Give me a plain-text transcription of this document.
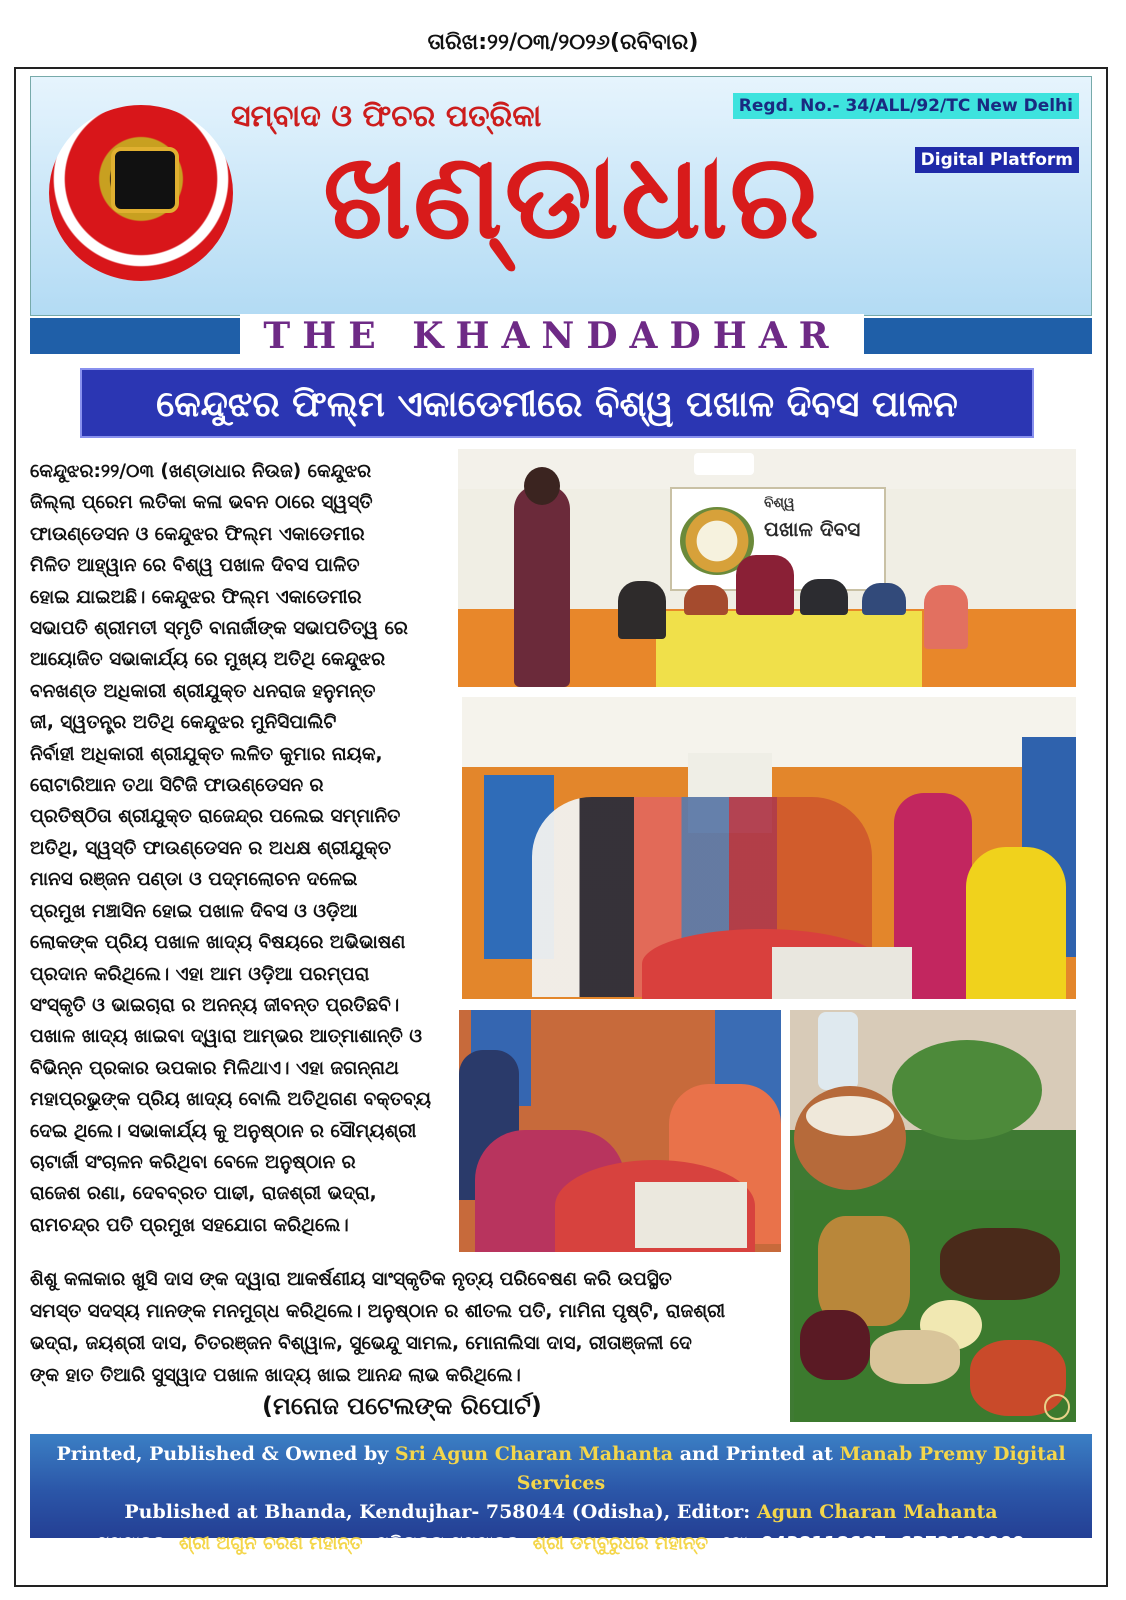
ତାରିଖ:୨୨/୦୩/୨୦୨୬(ରବିବାର)
ସମ୍ବାଦ ଓ ଫିଚର ପତ୍ରିକା
ଖଣ୍ଡାଧାର
Regd. No.- 34/ALL/92/TC New Delhi
Digital Platform
THE KHANDADHAR
କେନ୍ଦୁଝର ଫିଲ୍ମ ଏକାଡେମୀରେ ବିଶ୍ୱ ପଖାଳ ଦିବସ ପାଳନ
କେନ୍ଦୁଝର:୨୨/୦୩ (ଖଣ୍ଡାଧାର ନିଉଜ) କେନ୍ଦୁଝର
ଜିଲ୍ଲା ପ୍ରେମ ଲତିକା କଳା ଭବନ ଠାରେ ସ୍ୱସ୍ତି
ଫାଉଣ୍ଡେସନ ଓ କେନ୍ଦୁଝର ଫିଲ୍ମ ଏକାଡେମୀର
ମିଳିତ ଆହ୍ୱାନ ରେ ବିଶ୍ୱ ପଖାଳ ଦିବସ ପାଳିତ
ହୋଇ ଯାଇଅଛି। କେନ୍ଦୁଝର ଫିଲ୍ମ ଏକାଡେମୀର
ସଭାପତି ଶ୍ରୀମତୀ ସ୍ମୃତି ବାନାର୍ଜୀଙ୍କ ସଭାପତିତ୍ୱ ରେ
ଆୟୋଜିତ ସଭାକାର୍ଯ୍ୟ ରେ ମୁଖ୍ୟ ଅତିଥି କେନ୍ଦୁଝର
ବନଖଣ୍ଡ ଅଧିକାରୀ ଶ୍ରୀଯୁକ୍ତ ଧନରାଜ ହନୁମନ୍ତ
ଜୀ, ସ୍ୱତନ୍ତ୍ର ଅତିଥି କେନ୍ଦୁଝର ମୁନିସିପାଲିଟି
ନିର୍ବାହୀ ଅଧିକାରୀ ଶ୍ରୀଯୁକ୍ତ ଲଳିତ କୁମାର ନାୟକ,
ରୋଟାରିଆନ ତଥା ସିଟିଜି ଫାଉଣ୍ଡେସନ ର
ପ୍ରତିଷ୍ଠିତା ଶ୍ରୀଯୁକ୍ତ ରାଜେନ୍ଦ୍ର ପଲେଇ ସମ୍ମାନିତ
ଅତିଥି, ସ୍ୱସ୍ତି ଫାଉଣ୍ଡେସନ ର ଅଧକ୍ଷ ଶ୍ରୀଯୁକ୍ତ
ମାନସ ରଞ୍ଜନ ପଣ୍ଡା ଓ ପଦ୍ମଲୋଚନ ଦଳେଇ
ପ୍ରମୁଖ ମଞ୍ଚାସିନ ହୋଇ ପଖାଳ ଦିବସ ଓ ଓଡ଼ିଆ
ଲୋକଙ୍କ ପ୍ରିୟ ପଖାଳ ଖାଦ୍ୟ ବିଷୟରେ ଅଭିଭାଷଣ
ପ୍ରଦାନ କରିଥିଲେ। ଏହା ଆମ ଓଡ଼ିଆ ପରମ୍ପରା
ସଂସ୍କୃତି ଓ ଭାଇଚାରା ର ଅନନ୍ୟ ଜୀବନ୍ତ ପ୍ରତିଛବି।
ପଖାଳ ଖାଦ୍ୟ ଖାଇବା ଦ୍ୱାରା ଆମ୍ଭର ଆତ୍ମାଶାନ୍ତି ଓ
ବିଭିନ୍ନ ପ୍ରକାର ଉପକାର ମିଳିଥାଏ। ଏହା ଜଗନ୍ନାଥ
ମହାପ୍ରଭୁଙ୍କ ପ୍ରିୟ ଖାଦ୍ୟ ବୋଲି ଅତିଥିଗଣ ବକ୍ତବ୍ୟ
ଦେଇ ଥିଲେ। ସଭାକାର୍ଯ୍ୟ କୁ ଅନୁଷ୍ଠାନ ର ସୌମ୍ୟଶ୍ରୀ
ଚାଟାର୍ଜୀ ସଂଚାଳନ କରିଥିବା ବେଳେ ଅନୁଷ୍ଠାନ ର
ରାଜେଶ ରଣା, ଦେବବ୍ରତ ପାଢୀ, ରାଜଶ୍ରୀ ଭଦ୍ରା,
ରାମଚନ୍ଦ୍ର ପତି ପ୍ରମୁଖ ସହଯୋଗ କରିଥିଲେ।
ଶିଶୁ କଳାକାର ଖୁସି ଦାସ ଙ୍କ ଦ୍ୱାରା ଆକର୍ଷଣୀୟ ସାଂସ୍କୃତିକ ନୃତ୍ୟ ପରିବେଷଣ କରି ଉପସ୍ଥିତ
ସମସ୍ତ ସଦସ୍ୟ ମାନଙ୍କ ମନମୁଗ୍ଧ କରିଥିଲେ। ଅନୁଷ୍ଠାନ ର ଶୀତଲ ପତି, ମାମିନା ପୃଷ୍ଟି, ରାଜଶ୍ରୀ
ଭଦ୍ରା, ଜୟଶ୍ରୀ ଦାସ, ଚିତରଞ୍ଜନ ବିଶ୍ୱାଳ, ସୁଭେନ୍ଦୁ ସାମଲ, ମୋନାଲିସା ଦାସ, ରୀତାଞ୍ଜଳୀ ଦେ
ଙ୍କ ହାତ ତିଆରି ସୁସ୍ୱାଦ ପଖାଳ ଖାଦ୍ୟ ଖାଇ ଆନନ୍ଦ ଲାଭ କରିଥିଲେ।
(ମନୋଜ ପଟେଲଙ୍କ ରିପୋର୍ଟ)
ବିଶ୍ୱ
ପଖାଳ ଦିବସ
Printed, Published & Owned by Sri Agun Charan Mahanta and Printed at Manab Premy Digital Services
Published at Bhanda, Kendujhar- 758044 (Odisha), Editor: Agun Charan Mahanta
ସମ୍ପାଦକ: ଶ୍ରୀ ଅଗୁନ ଚରଣ ମହାନ୍ତ, ପରିଚାଳନା ସମ୍ପାଦକ: ଶ୍ରୀ ଡମ୍ବୁରୁଧର ମହାନ୍ତ, ମୋ: 9438118687, 6372189909
